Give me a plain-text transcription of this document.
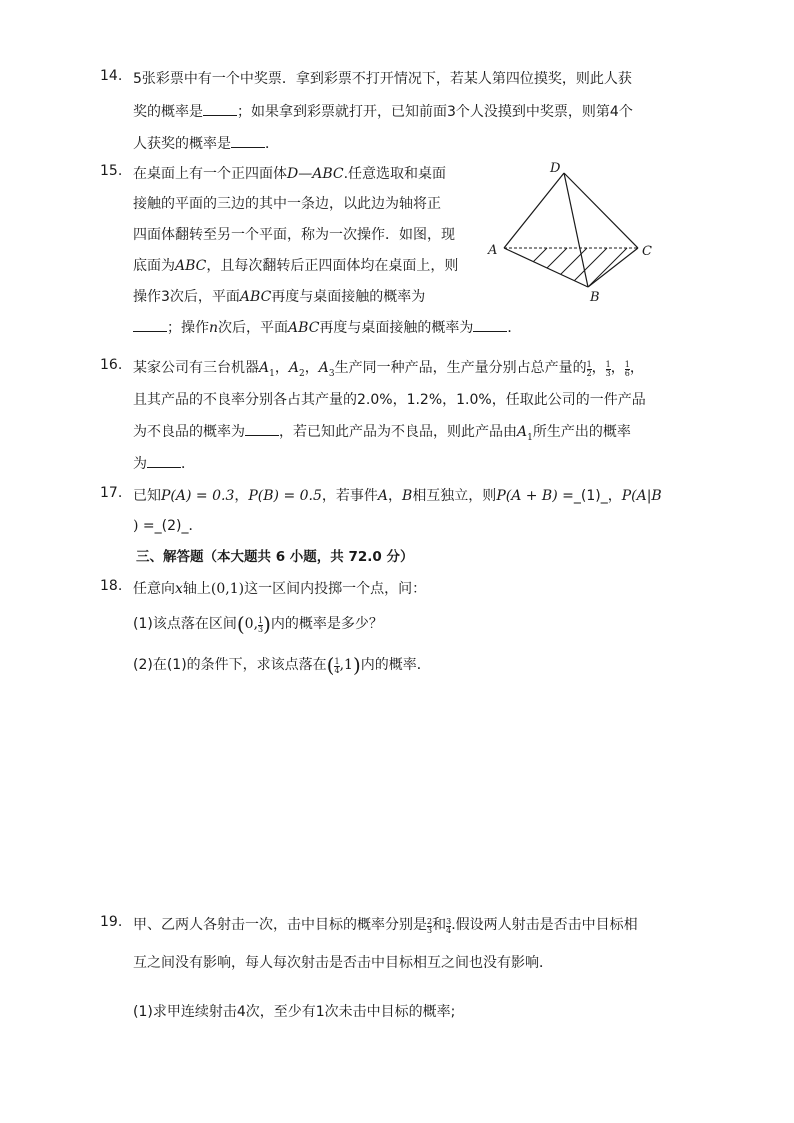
14. 5张彩票中有一个中奖票．拿到彩票不打开情况下，若某人第四位摸奖，则此人获
奖的概率是 ；如果拿到彩票就打开，已知前面3个人没摸到中奖票，则第4个
人获奖的概率是 ．
15. 在桌面上有一个正四面体D—ABC.任意选取和桌面
接触的平面的三边的其中一条边，以此边为轴将正
四面体翻转至另一个平面，称为一次操作．如图，现
底面为ABC，且每次翻转后正四面体均在桌面上，则
操作3次后，平面ABC再度与桌面接触的概率为
；操作n次后，平面ABC再度与桌面接触的概率为 ．
D
A	C
B
16. 某家公司有三台机器$A_1$，$A_2$，$A_3$生产同一种产品，生产量分别占总产量的 $\frac{1}{2}$ ， $\frac{1}{3}$ ， $\frac{1}{6}$ ，
且其产品的不良率分别各占其产量的2.0%，1.2%，1.0%，任取此公司的一件产品
为不良品的概率为 ，若已知此产品为不良品，则此产品由$A_1$所生产出的概率
为 ．
17. 已知P(A) = 0.3，P(B) = 0.5，若事件A，B相互独立，则P(A + B) =_(1)_，P(A|B
) =_(2)_．
三、解答题（本大题共 6 小题，共 72.0 分）
18. 任意向x轴上(0,1)这一区间内投掷一个点，问：
(1)该点落在区间(0, $\frac{1}{3}$ )内的概率是多少？
(2)在(1)的条件下，求该点落在( $\frac{1}{4} ,1$)内的概率．
19. 甲、乙两人各射击一次，击中目标的概率分别是 $\frac{2}{3}$ 和 $\frac{3}{4}$ .假设两人射击是否击中目标相
互之间没有影响，每人每次射击是否击中目标相互之间也没有影响．
(1)求甲连续射击4次，至少有1次未击中目标的概率;
